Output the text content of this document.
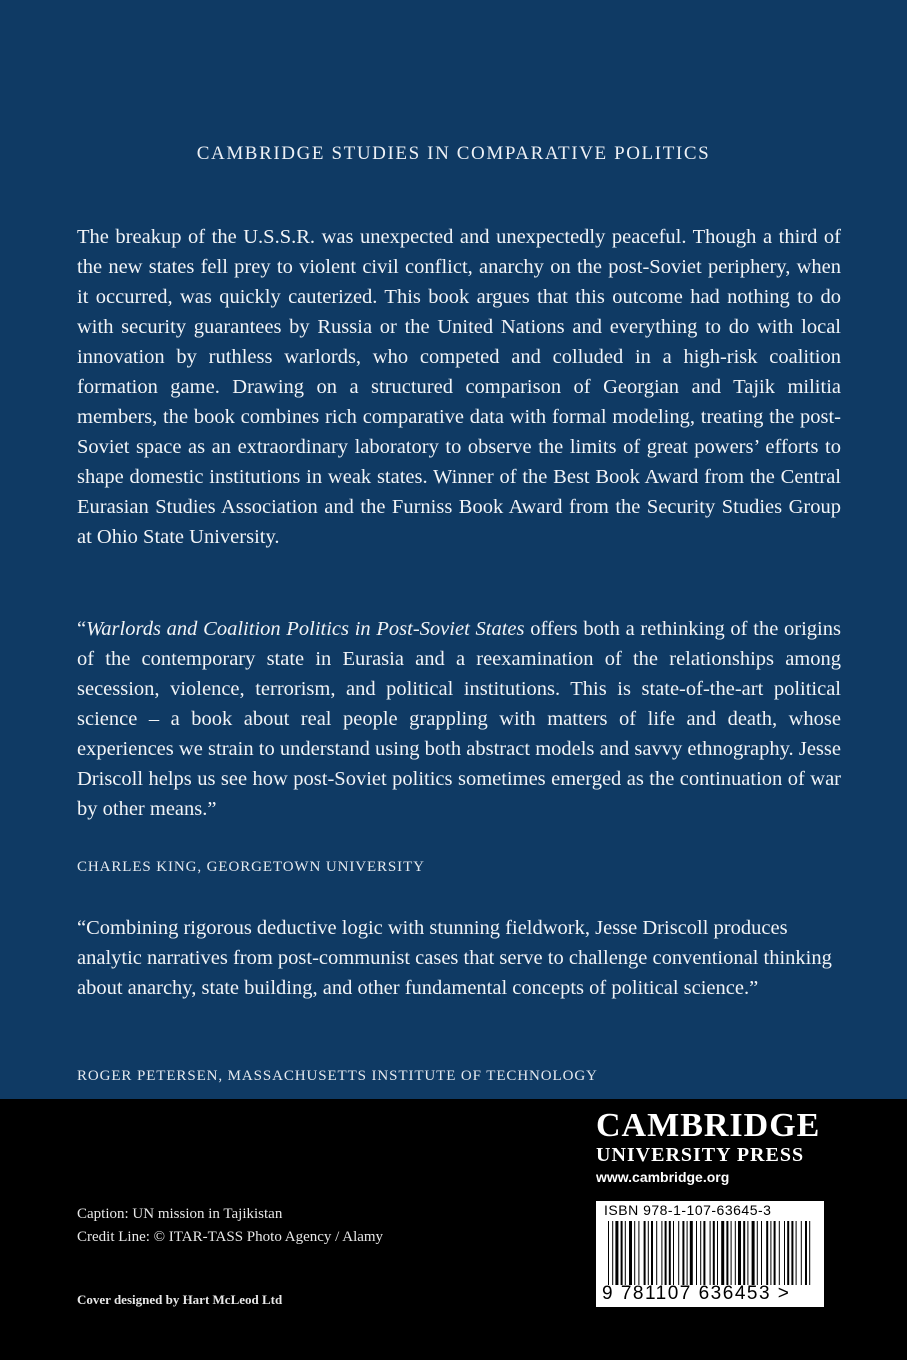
CAMBRIDGE STUDIES IN COMPARATIVE POLITICS

The breakup of the U.S.S.R. was unexpected and unexpectedly peaceful. Though a third of the new states fell prey to violent civil conflict, anarchy on the post-Soviet periphery, when it occurred, was quickly cauterized. This book argues that this outcome had nothing to do with security guarantees by Russia or the United Nations and everything to do with local innovation by ruthless warlords, who competed and colluded in a high-risk coalition formation game. Drawing on a structured comparison of Georgian and Tajik militia members, the book combines rich comparative data with formal modeling, treating the post-Soviet space as an extraordinary laboratory to observe the limits of great powers’ efforts to shape domestic institutions in weak states. Winner of the Best Book Award from the Central Eurasian Studies Association and the Furniss Book Award from the Security Studies Group at Ohio State University.

“Warlords and Coalition Politics in Post-Soviet States offers both a rethinking of the origins of the contemporary state in Eurasia and a reexamination of the relationships among secession, violence, terrorism, and political institutions. This is state-of-the-art political science – a book about real people grappling with matters of life and death, whose experiences we strain to understand using both abstract models and savvy ethnography. Jesse Driscoll helps us see how post-Soviet politics sometimes emerged as the continuation of war by other means.”

CHARLES KING, GEORGETOWN UNIVERSITY

“Combining rigorous deductive logic with stunning fieldwork, Jesse Driscoll produces analytic narratives from post-communist cases that serve to challenge conventional thinking about anarchy, state building, and other fundamental concepts of political science.”

ROGER PETERSEN, MASSACHUSETTS INSTITUTE OF TECHNOLOGY
Caption: UN mission in Tajikistan
Credit Line: © ITAR-TASS Photo Agency / Alamy
Cover designed by Hart McLeod Ltd
CAMBRIDGE
UNIVERSITY PRESS
www.cambridge.org
ISBN 978-1-107-63645-3
9 781107 636453 >
